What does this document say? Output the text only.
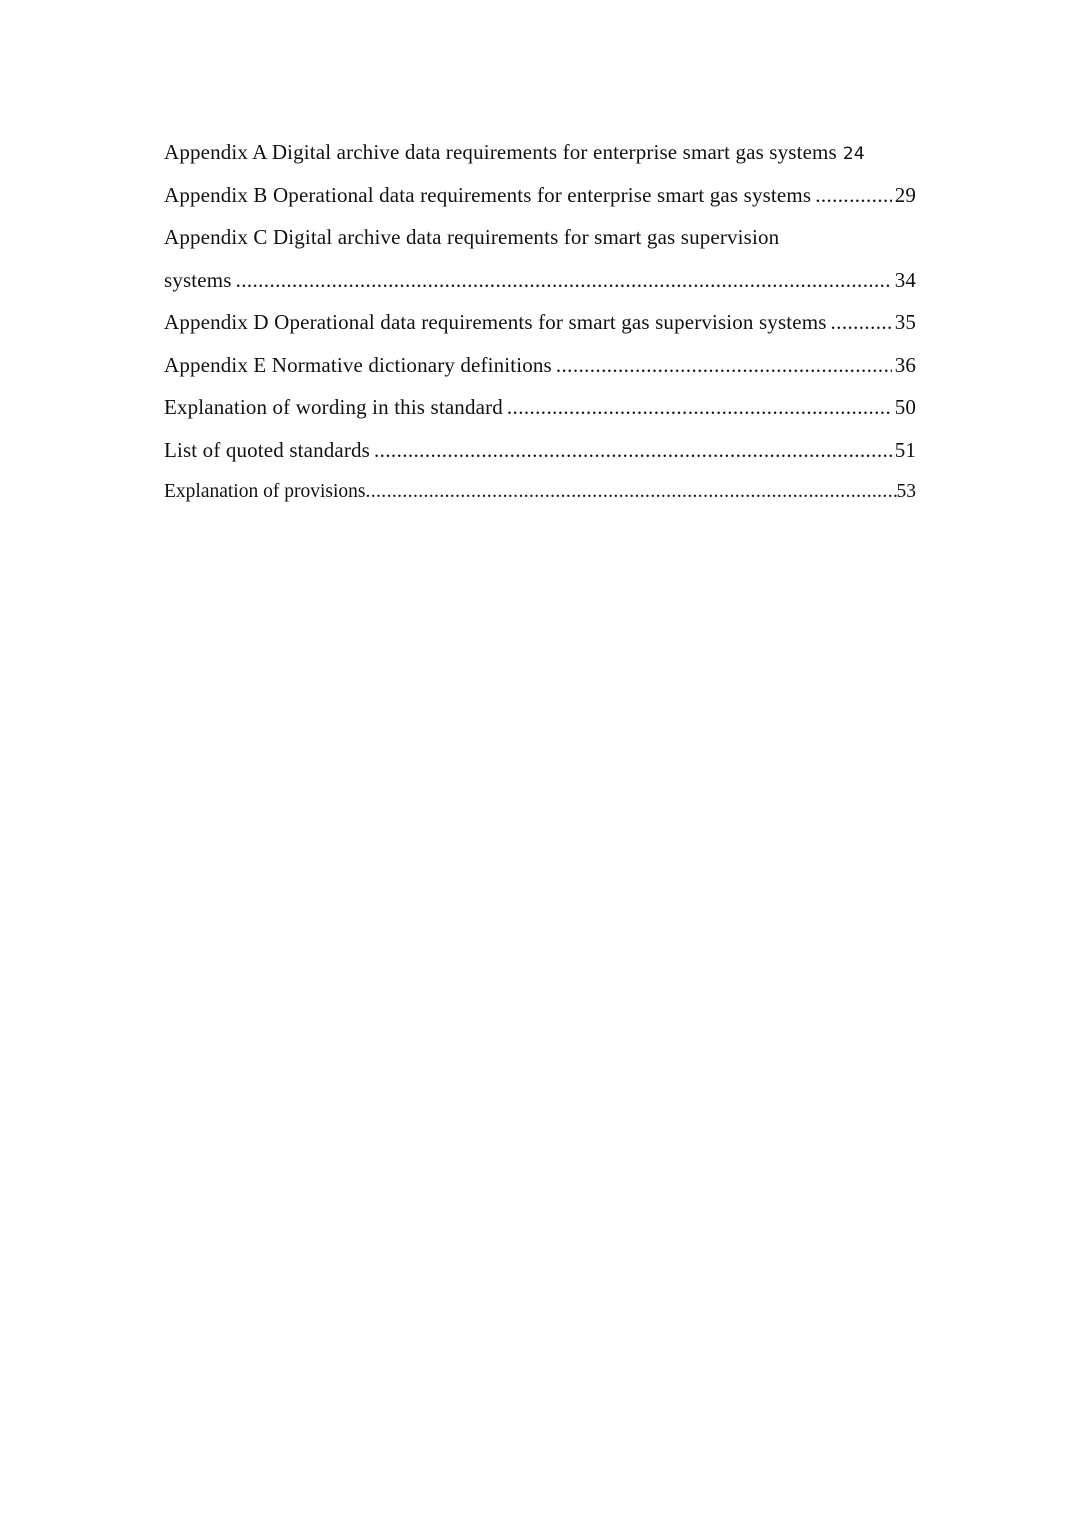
Appendix A Digital archive data requirements for enterprise smart gas systems 24
Appendix B Operational data requirements for enterprise smart gas systems .....	29
Appendix C Digital archive data requirements for smart gas supervision
systems .....	34
Appendix D Operational data requirements for smart gas supervision systems .....	35
Appendix E Normative dictionary definitions .....	36
Explanation of wording in this standard .....	50
List of quoted standards .....	51
Explanation of provisions .....	53
